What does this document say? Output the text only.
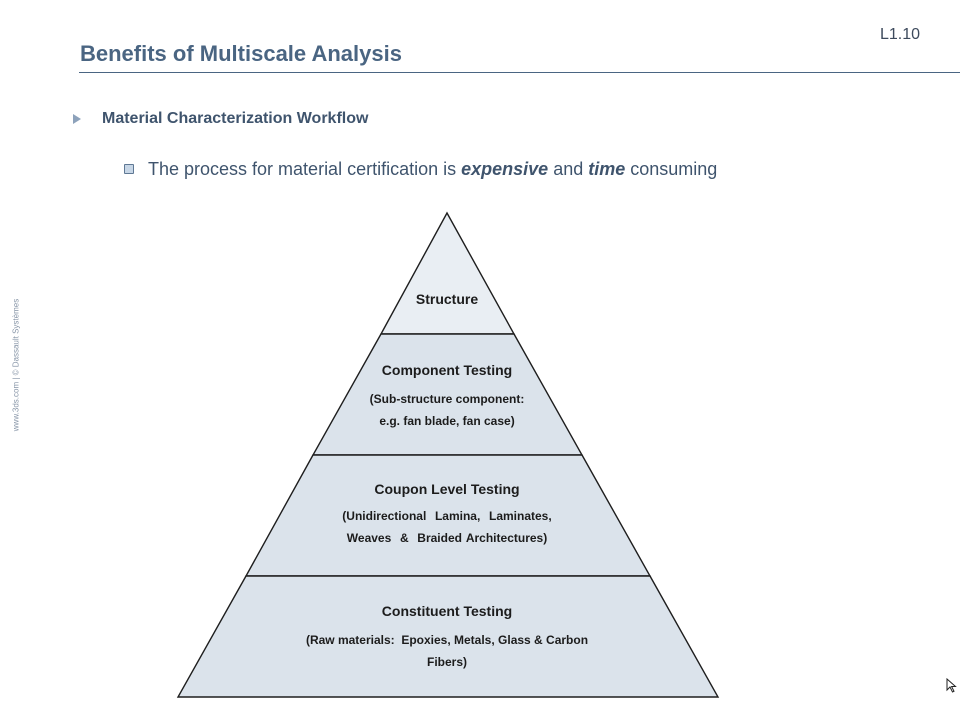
L1.10
Benefits of Multiscale Analysis
www.3ds.com | © Dassault Systèmes
Material Characterization Workflow
The process for material certification is expensive and time consuming
Structure
Component Testing
(Sub-structure component:
e.g. fan blade, fan case)
Coupon Level Testing
(Unidirectional  Lamina,  Laminates,
Weaves  &  Braided Architectures)
Constituent Testing
(Raw materials:  Epoxies, Metals, Glass & Carbon
Fibers)
